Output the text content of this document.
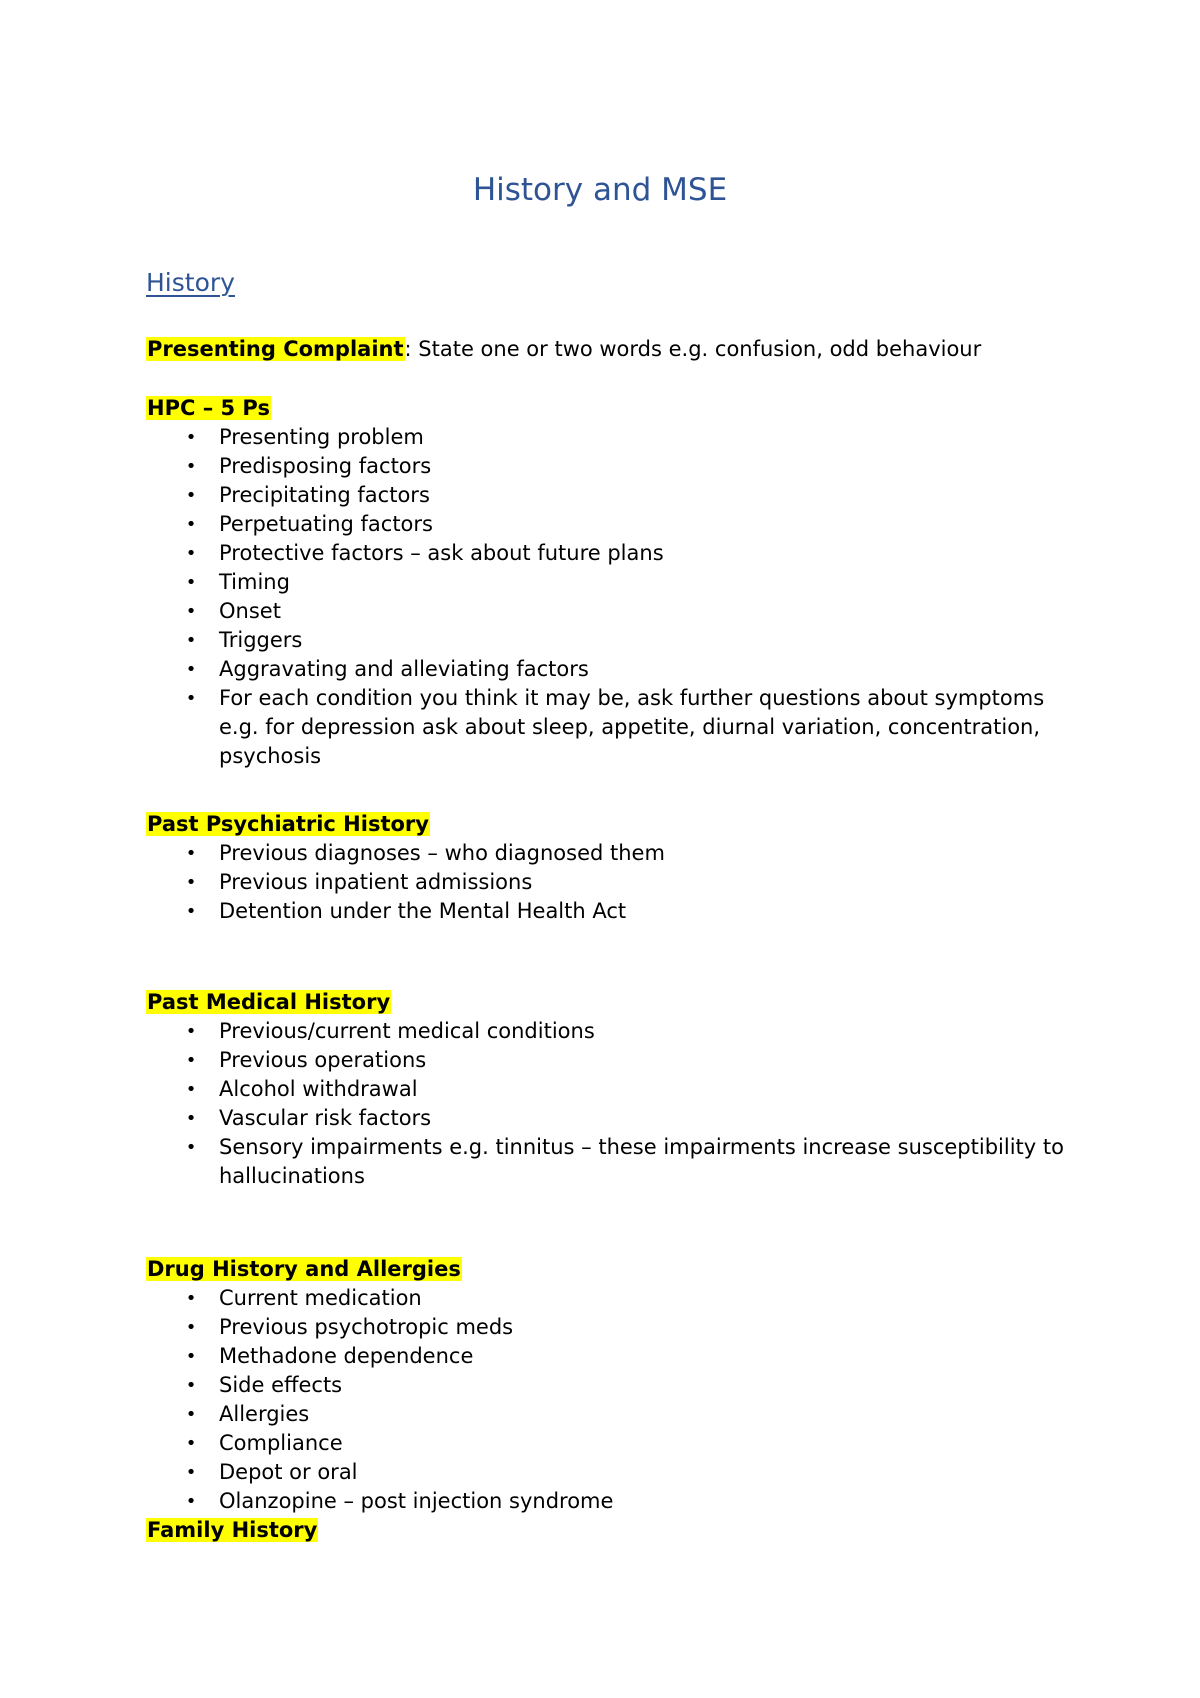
History and MSE
History
Presenting Complaint: State one or two words e.g. confusion, odd behaviour
HPC – 5 Ps
• Presenting problem
• Predisposing factors
• Precipitating factors
• Perpetuating factors
• Protective factors – ask about future plans
• Timing
• Onset
• Triggers
• Aggravating and alleviating factors
• For each condition you think it may be, ask further questions about symptoms e.g. for depression ask about sleep, appetite, diurnal variation, concentration, psychosis
Past Psychiatric History
• Previous diagnoses – who diagnosed them
• Previous inpatient admissions
• Detention under the Mental Health Act
Past Medical History
• Previous/current medical conditions
• Previous operations
• Alcohol withdrawal
• Vascular risk factors
• Sensory impairments e.g. tinnitus – these impairments increase susceptibility to hallucinations
Drug History and Allergies
• Current medication
• Previous psychotropic meds
• Methadone dependence
• Side effects
• Allergies
• Compliance
• Depot or oral
• Olanzopine – post injection syndrome
Family History
